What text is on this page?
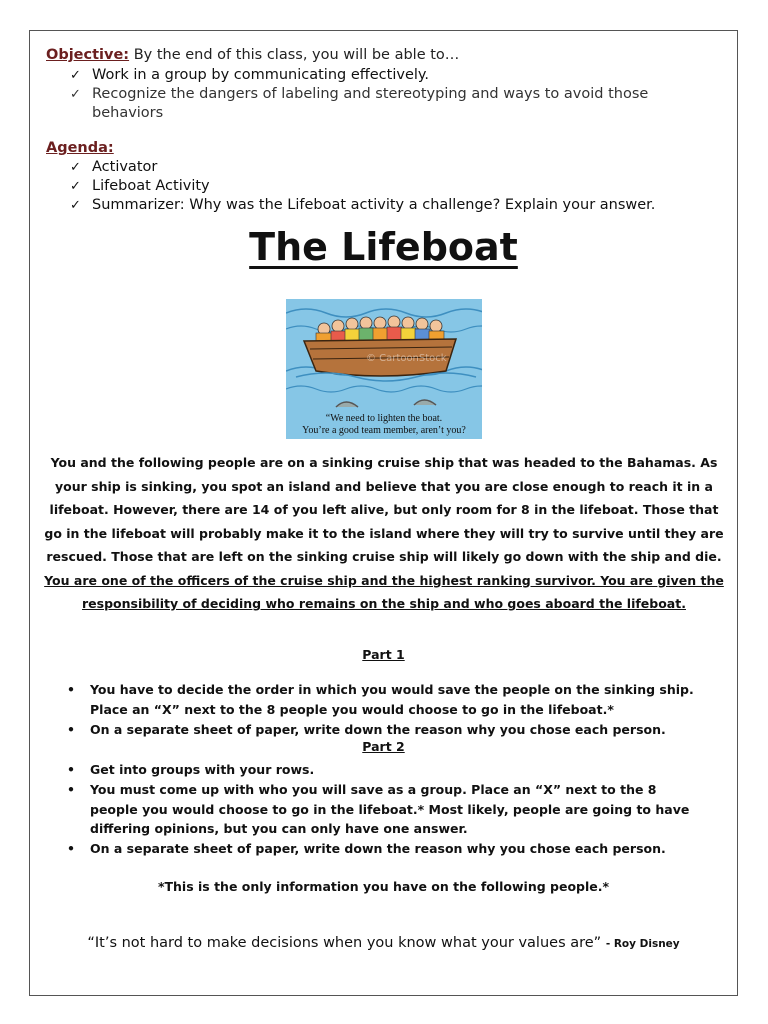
Objective: By the end of this class, you will be able to…
✓ Work in a group by communicating effectively.
✓ Recognize the dangers of labeling and stereotyping and ways to avoid those behaviors
Agenda:
✓ Activator
✓ Lifeboat Activity
✓ Summarizer: Why was the Lifeboat activity a challenge? Explain your answer.
The Lifeboat
© CartoonStock
“We need to lighten the boat.
You’re a good team member, aren’t you?
You and the following people are on a sinking cruise ship that was headed to the Bahamas. As your ship is sinking, you spot an island and believe that you are close enough to reach it in a lifeboat. However, there are 14 of you left alive, but only room for 8 in the lifeboat. Those that go in the lifeboat will probably make it to the island where they will try to survive until they are rescued. Those that are left on the sinking cruise ship will likely go down with the ship and die. You are one of the officers of the cruise ship and the highest ranking survivor. You are given the responsibility of deciding who remains on the ship and who goes aboard the lifeboat.
Part 1
• You have to decide the order in which you would save the people on the sinking ship. Place an “X” next to the 8 people you would choose to go in the lifeboat.*
• On a separate sheet of paper, write down the reason why you chose each person.
Part 2
• Get into groups with your rows.
• You must come up with who you will save as a group. Place an “X” next to the 8 people you would choose to go in the lifeboat.* Most likely, people are going to have differing opinions, but you can only have one answer.
• On a separate sheet of paper, write down the reason why you chose each person.
*This is the only information you have on the following people.*
“It’s not hard to make decisions when you know what your values are” - Roy Disney
